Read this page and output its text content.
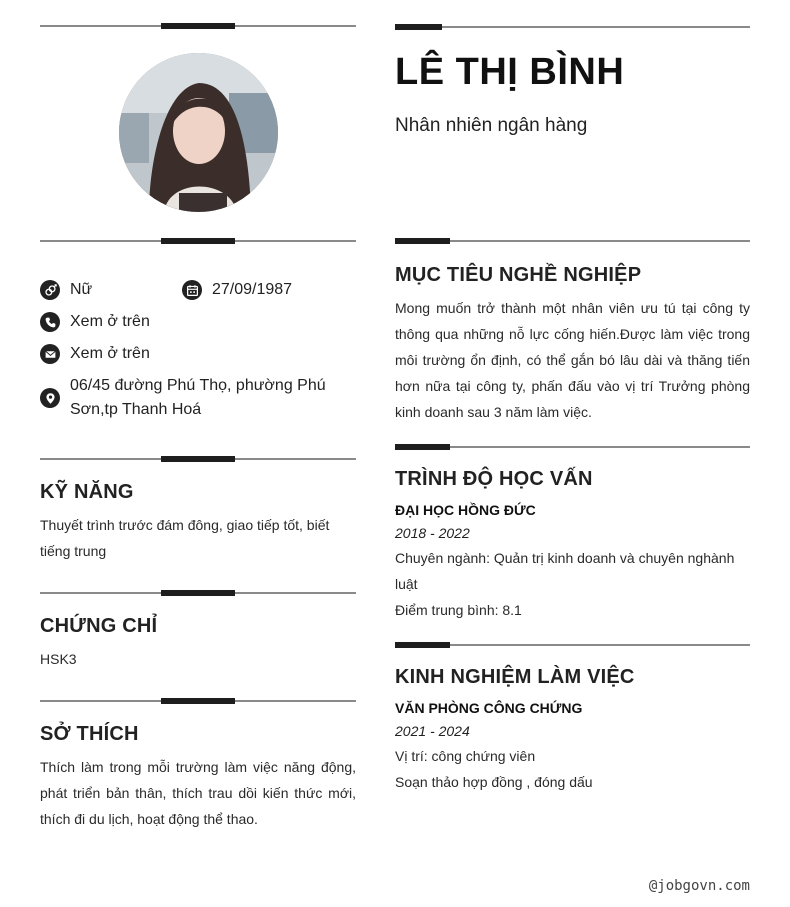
Nữ	27/09/1987
Xem ở trên
Xem ở trên
06/45 đường Phú Thọ, phường Phú Sơn,tp Thanh Hoá
KỸ NĂNG
Thuyết trình trước đám đông, giao tiếp tốt, biết tiếng trung
CHỨNG CHỈ
HSK3
SỞ THÍCH
Thích làm trong mỗi trường làm việc năng động, phát triển bản thân, thích trau dồi kiến thức mới, thích đi du lịch, hoạt động thể thao.
LÊ THỊ BÌNH
Nhân nhiên ngân hàng
MỤC TIÊU NGHỀ NGHIỆP
Mong muốn trở thành một nhân viên ưu tú tại công ty thông qua những nỗ lực cống hiến.Được làm việc trong môi trường ổn định, có thể gắn bó lâu dài và thăng tiến hơn nữa tại công ty, phấn đấu vào vị trí Trưởng phòng kinh doanh sau 3 năm làm việc.
TRÌNH ĐỘ HỌC VẤN
ĐẠI HỌC HỒNG ĐỨC
2018 - 2022
Chuyên ngành: Quản trị kinh doanh và chuyên nghành luật
Điểm trung bình: 8.1
KINH NGHIỆM LÀM VIỆC
VĂN PHÒNG CÔNG CHỨNG
2021 - 2024
Vị trí: công chứng viên
Soạn thảo hợp đồng , đóng dấu
@jobgovn.com
